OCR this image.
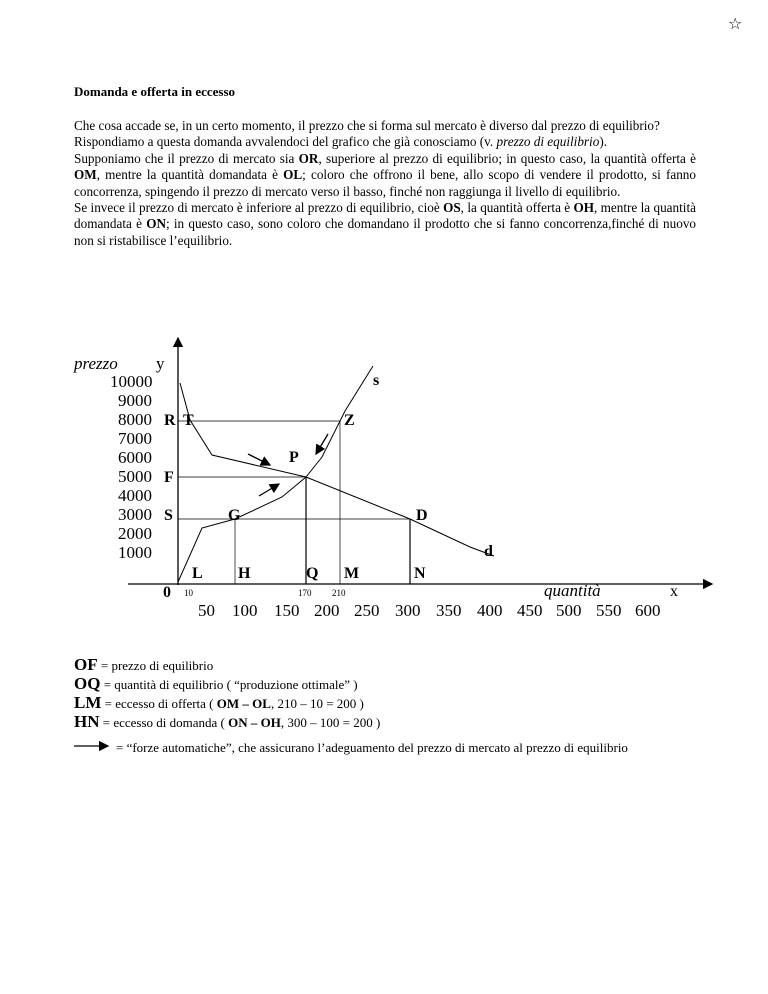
☆
Domanda e offerta in eccesso

Che cosa accade se, in un certo momento, il prezzo che si forma sul mercato è diverso dal prezzo di equilibrio?

Rispondiamo a questa domanda avvalendoci del grafico che già conosciamo (v. prezzo di equilibrio).

Supponiamo che il prezzo di mercato sia OR, superiore al prezzo di equilibrio; in questo caso, la quantità offerta è OM, mentre la quantità domandata è OL; coloro che offrono il bene, allo scopo di vendere il prodotto, si fanno concorrenza, spingendo il prezzo di mercato verso il basso, finché non raggiunga il livello di equilibrio.

Se invece il prezzo di mercato è inferiore al prezzo di equilibrio, cioè OS, la quantità offerta è OH, mentre la quantità domandata è ON; in questo caso, sono coloro che domandano il prodotto che si fanno concorrenza,finché di nuovo non si ristabilisce l’equilibrio.

prezzo y
10000
9000
8000
7000
6000
5000
4000
3000
2000
1000
R
F
S
0 10	170 210	quantità	x
50 100 150 200 250 300 350 400 450 500 550 600
T	Z
P
G	D
s
d
L H	Q M	N
OF = prezzo di equilibrio
OQ = quantità di equilibrio ( “produzione ottimale” )
LM = eccesso di offerta ( OM – OL, 210 – 10 = 200 )
HN = eccesso di domanda ( ON – OH, 300 – 100 = 200 )
= “forze automatiche”, che assicurano l’adeguamento del prezzo di mercato al prezzo di equilibrio
